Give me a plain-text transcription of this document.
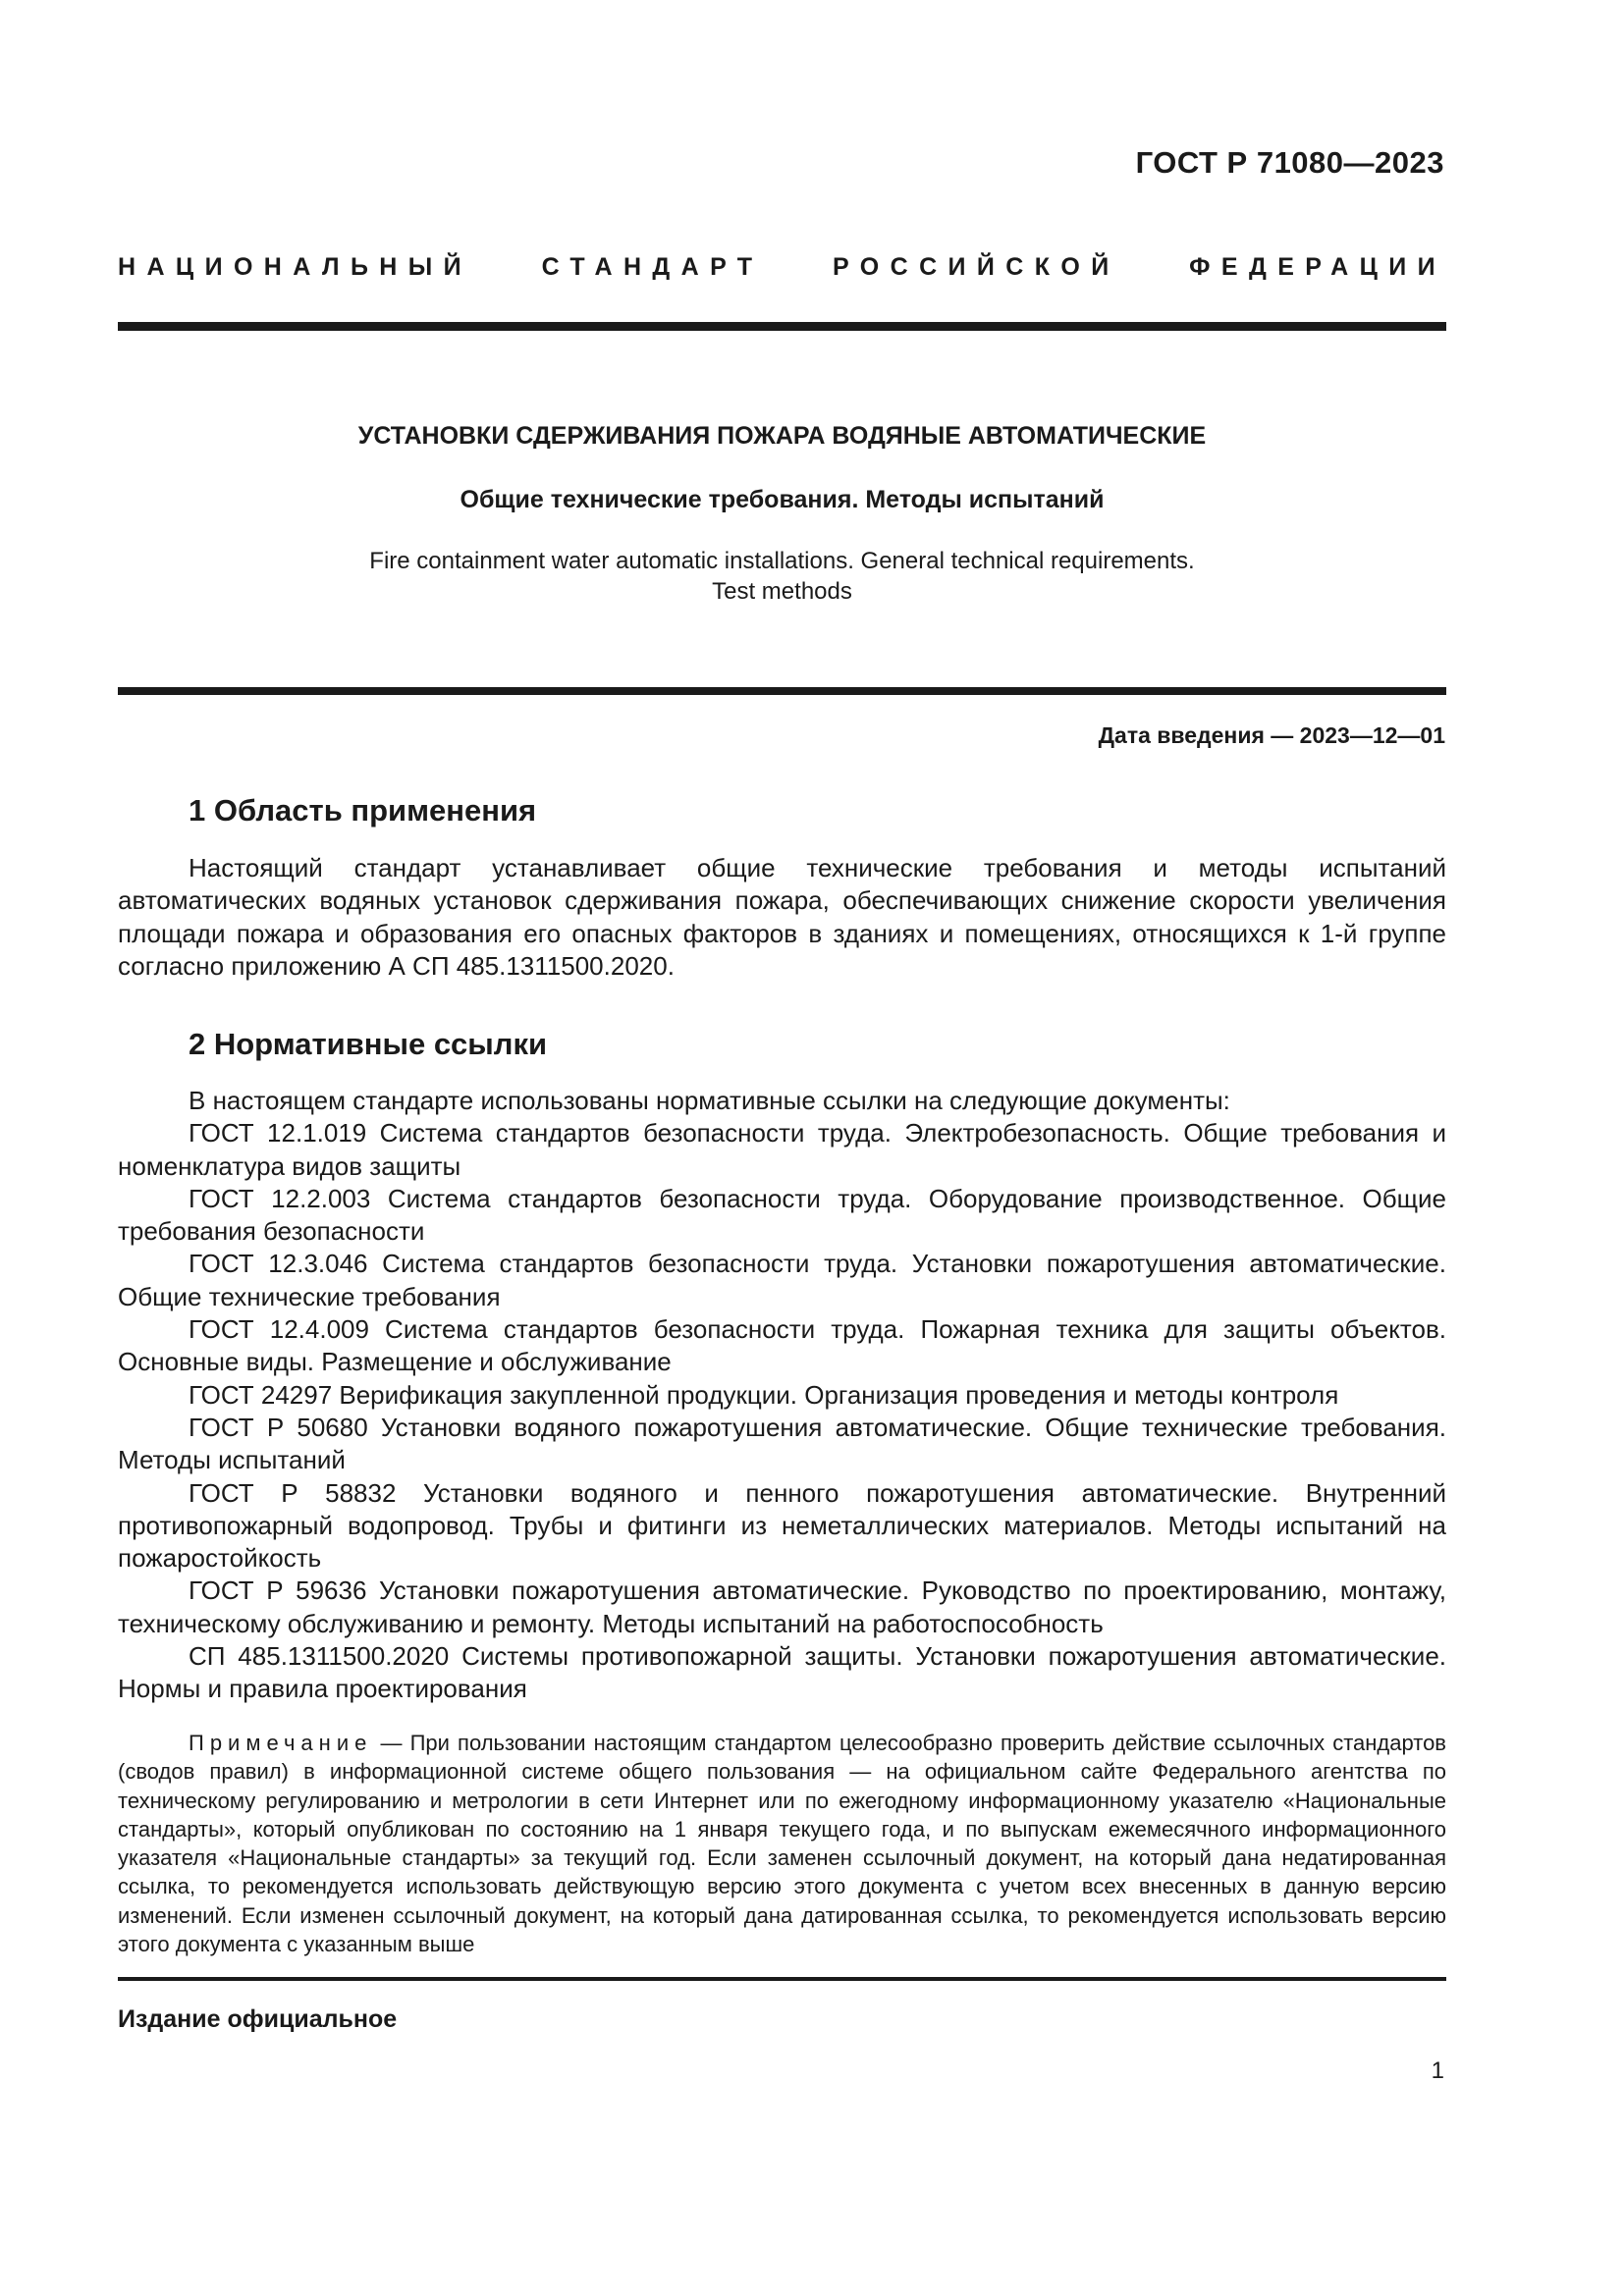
ГОСТ Р 71080—2023
НАЦИОНАЛЬНЫЙ СТАНДАРТ РОССИЙСКОЙ ФЕДЕРАЦИИ
УСТАНОВКИ СДЕРЖИВАНИЯ ПОЖАРА ВОДЯНЫЕ АВТОМАТИЧЕСКИЕ
Общие технические требования. Методы испытаний
Fire containment water automatic installations. General technical requirements.
Test methods
Дата введения — 2023—12—01
1 Область применения

Настоящий стандарт устанавливает общие технические требования и методы испытаний автоматических водяных установок сдерживания пожара, обеспечивающих снижение скорости увеличения площади пожара и образования его опасных факторов в зданиях и помещениях, относящихся к 1-й группе согласно приложению А СП 485.1311500.2020.

2 Нормативные ссылки

В настоящем стандарте использованы нормативные ссылки на следующие документы:

ГОСТ 12.1.019 Система стандартов безопасности труда. Электробезопасность. Общие требования и номенклатура видов защиты

ГОСТ 12.2.003 Система стандартов безопасности труда. Оборудование производственное. Общие требования безопасности

ГОСТ 12.3.046 Система стандартов безопасности труда. Установки пожаротушения автоматические. Общие технические требования

ГОСТ 12.4.009 Система стандартов безопасности труда. Пожарная техника для защиты объектов. Основные виды. Размещение и обслуживание

ГОСТ 24297 Верификация закупленной продукции. Организация проведения и методы контроля

ГОСТ Р 50680 Установки водяного пожаротушения автоматические. Общие технические требования. Методы испытаний

ГОСТ Р 58832 Установки водяного и пенного пожаротушения автоматические. Внутренний противопожарный водопровод. Трубы и фитинги из неметаллических материалов. Методы испытаний на пожаростойкость

ГОСТ Р 59636 Установки пожаротушения автоматические. Руководство по проектированию, монтажу, техническому обслуживанию и ремонту. Методы испытаний на работоспособность

СП 485.1311500.2020 Системы противопожарной защиты. Установки пожаротушения автоматические. Нормы и правила проектирования

Примечание — При пользовании настоящим стандартом целесообразно проверить действие ссылочных стандартов (сводов правил) в информационной системе общего пользования — на официальном сайте Федерального агентства по техническому регулированию и метрологии в сети Интернет или по ежегодному информационному указателю «Национальные стандарты», который опубликован по состоянию на 1 января текущего года, и по выпускам ежемесячного информационного указателя «Национальные стандарты» за текущий год. Если заменен ссылочный документ, на который дана недатированная ссылка, то рекомендуется использовать действующую версию этого документа с учетом всех внесенных в данную версию изменений. Если изменен ссылочный документ, на который дана датированная ссылка, то рекомендуется использовать версию этого документа с указанным выше

Издание официальное
1
